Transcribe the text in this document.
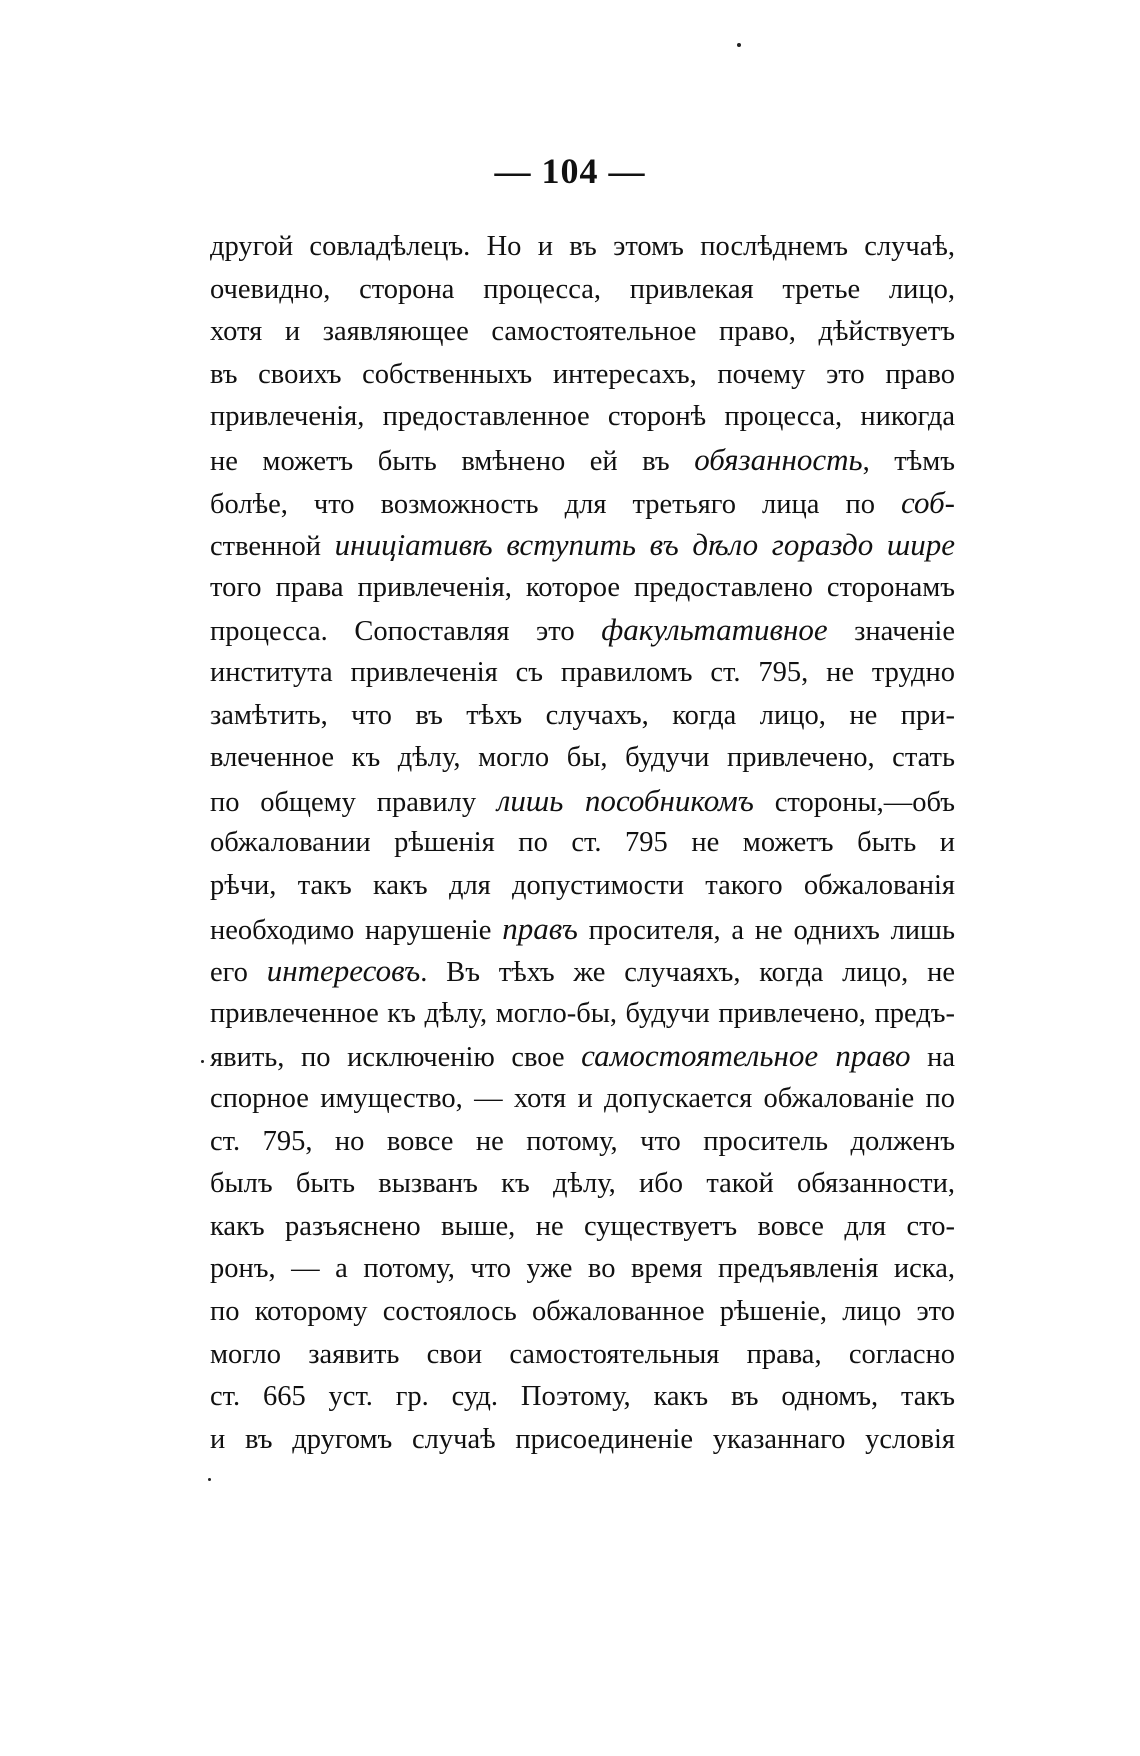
— 104 —
другой совладѣлецъ. Но и въ этомъ послѣднемъ случаѣ,
очевидно, сторона процесса, привлекая третье лицо,
хотя и заявляющее самостоятельное право, дѣйствуетъ
въ своихъ собственныхъ интересахъ, почему это право
привлеченія, предоставленное сторонѣ процесса, никогда
не можетъ быть вмѣнено ей въ обязанность, тѣмъ
болѣе, что возможность для третьяго лица по соб-
ственной иниціативѣ вступить въ дѣло гораздо шире
того права привлеченія, которое предоставлено сторонамъ
процесса. Сопоставляя это факультативное значеніе
института привлеченія съ правиломъ ст. 795, не трудно
замѣтить, что въ тѣхъ случахъ, когда лицо, не при-
влеченное къ дѣлу, могло бы, будучи привлечено, стать
по общему правилу лишь пособникомъ стороны,—объ
обжаловании рѣшенія по ст. 795 не можетъ быть и
рѣчи, такъ какъ для допустимости такого обжалованія
необходимо нарушеніе правъ просителя, а не однихъ лишь
его интересовъ. Въ тѣхъ же случаяхъ, когда лицо, не
привлеченное къ дѣлу, могло-бы, будучи привлечено, предъ-
явить, по исключенію свое самостоятельное право на
спорное имущество, — хотя и допускается обжалованіе по
ст. 795, но вовсе не потому, что проситель долженъ
былъ быть вызванъ къ дѣлу, ибо такой обязанности,
какъ разъяснено выше, не существуетъ вовсе для сто-
ронъ, — а потому, что уже во время предъявленія иска,
по которому состоялось обжалованное рѣшеніе, лицо это
могло заявить свои самостоятельныя права, согласно
ст. 665 уст. гр. суд. Поэтому, какъ въ одномъ, такъ
и въ другомъ случаѣ присоединеніе указаннаго условія
